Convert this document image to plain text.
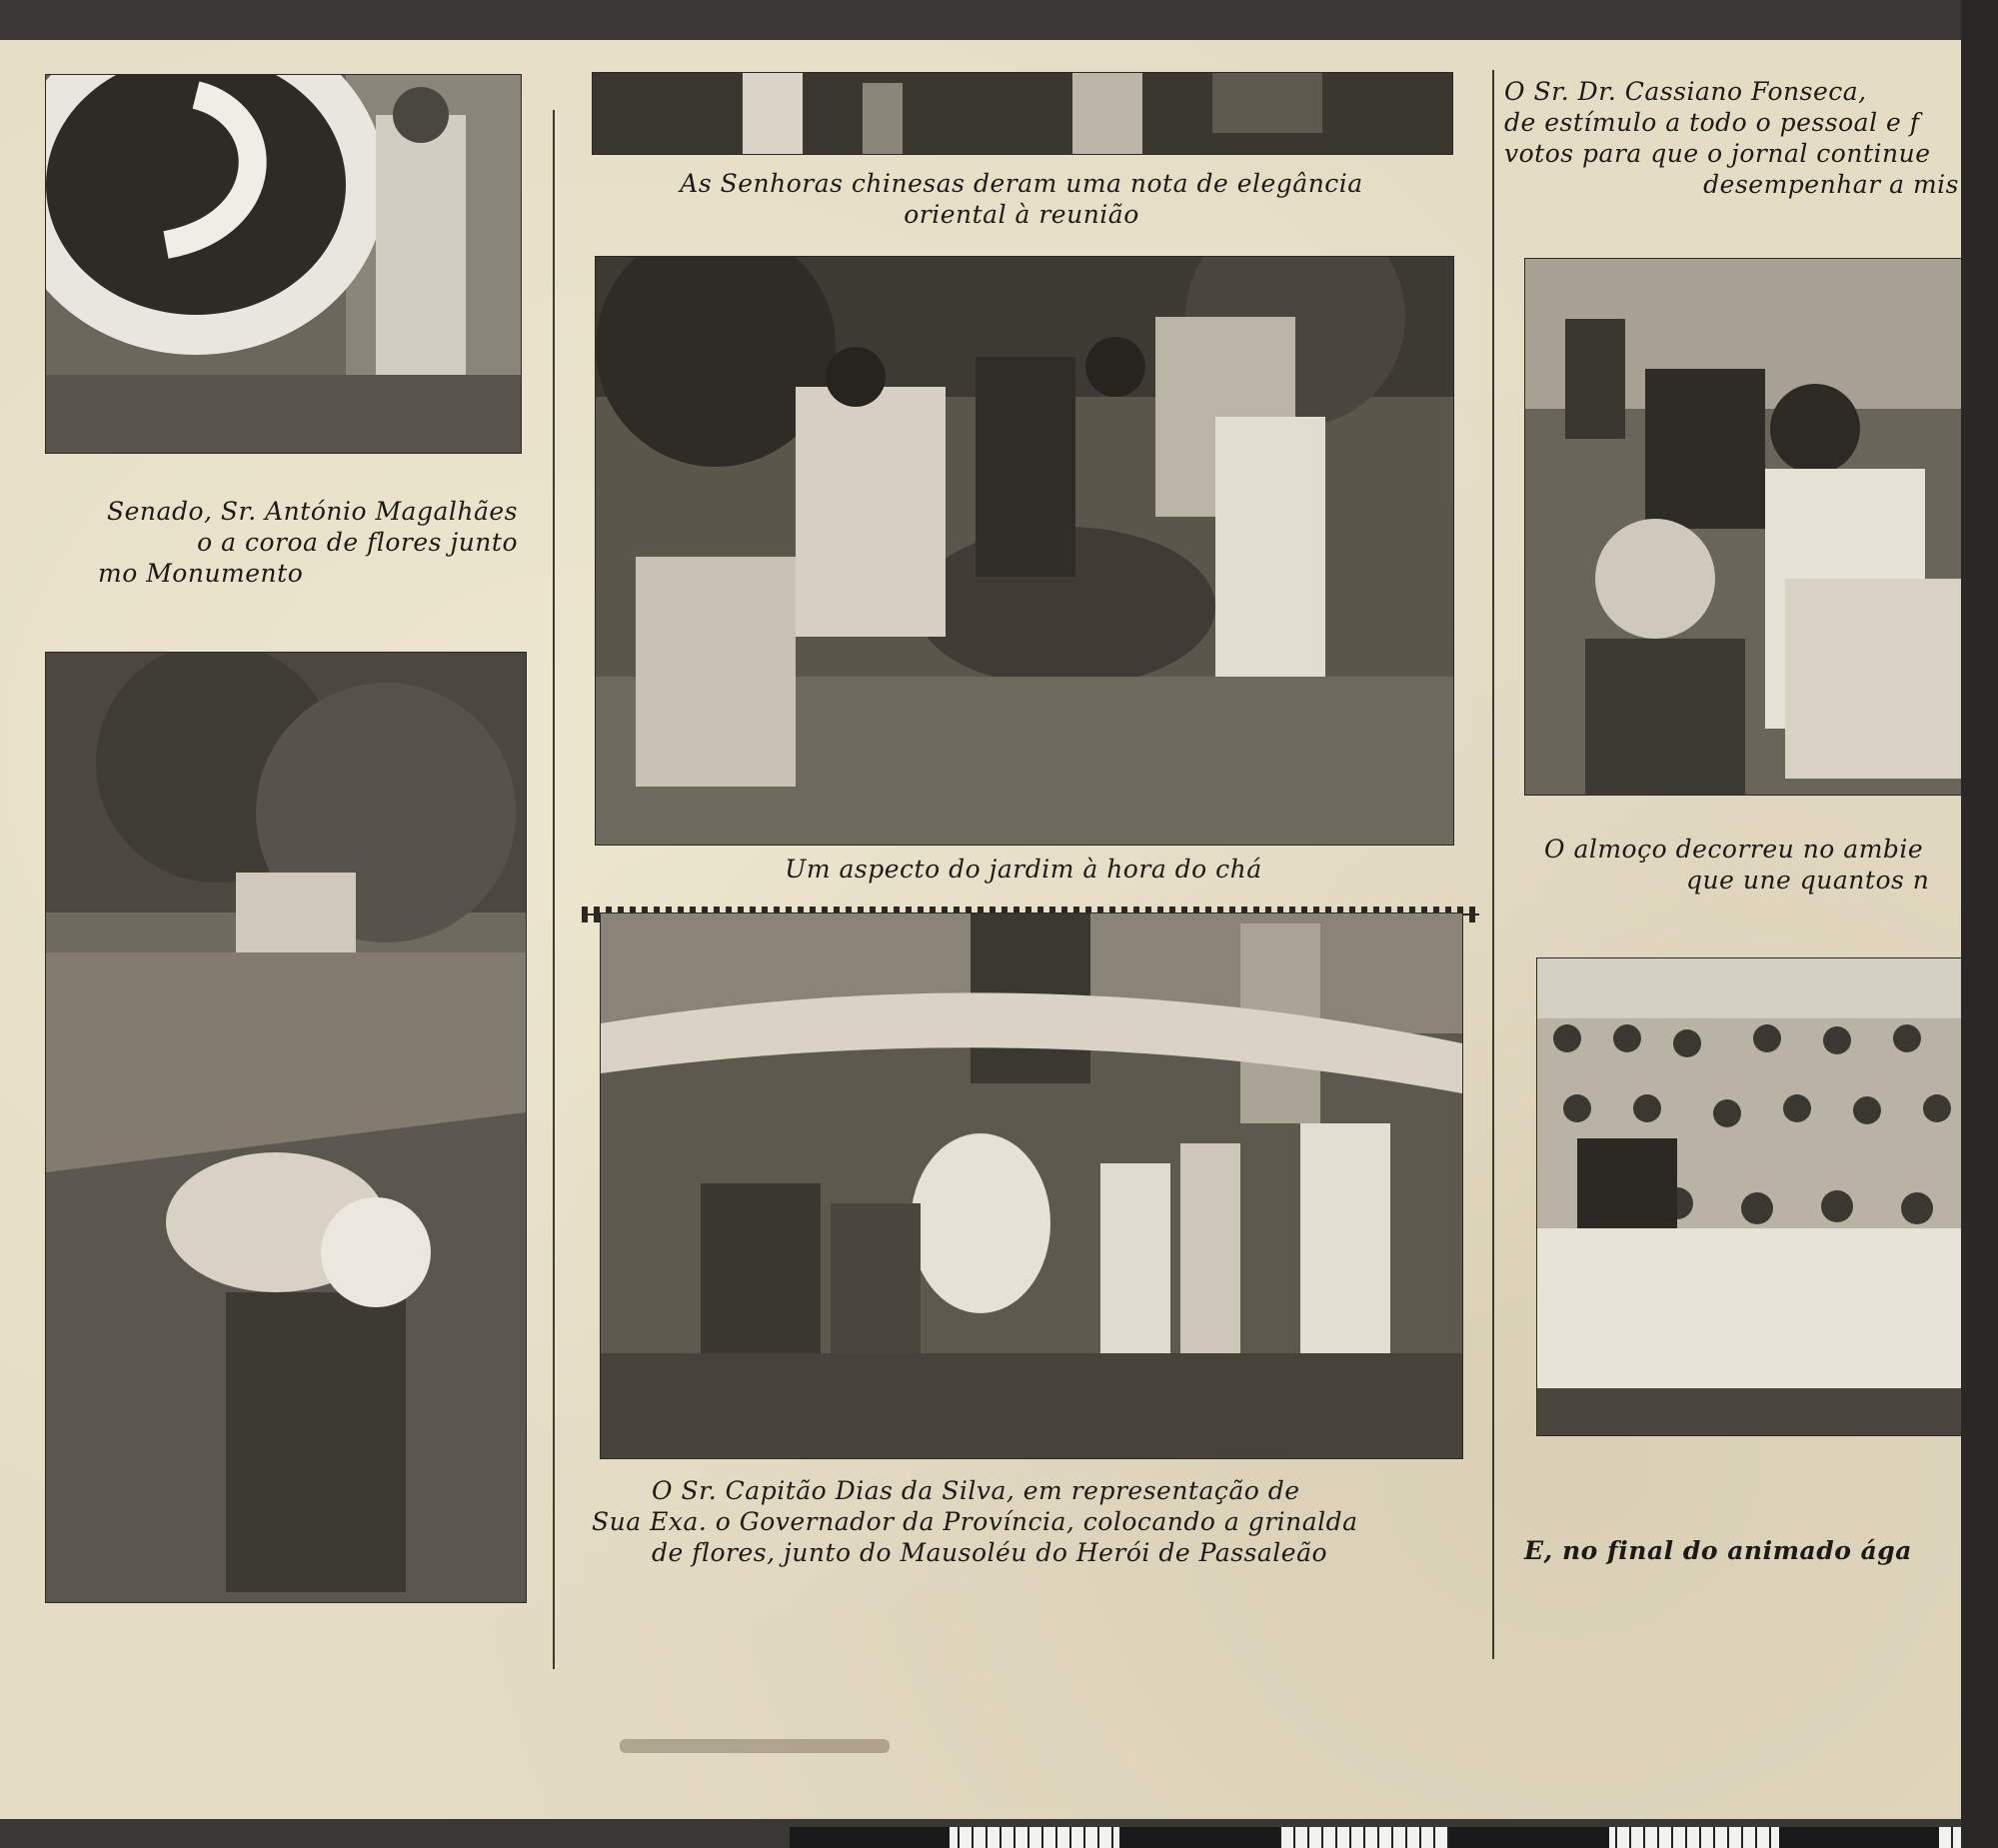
Senado, Sr. António Magalhães
o a coroa de flores junto
mo Monumento
As Senhoras chinesas deram uma nota de elegância
oriental à reunião
Um aspecto do jardim à hora do chá
O Sr. Capitão Dias da Silva, em representação de
Sua Exa. o Governador da Província, colocando a grinalda
de flores, junto do Mausoléu do Herói de Passaleão
O Sr. Dr. Cassiano Fonseca,
de estímulo a todo o pessoal e f
votos para que o jornal continue
desempenhar a mis
O almoço decorreu no ambie
que une quantos n
E, no final do animado ága
